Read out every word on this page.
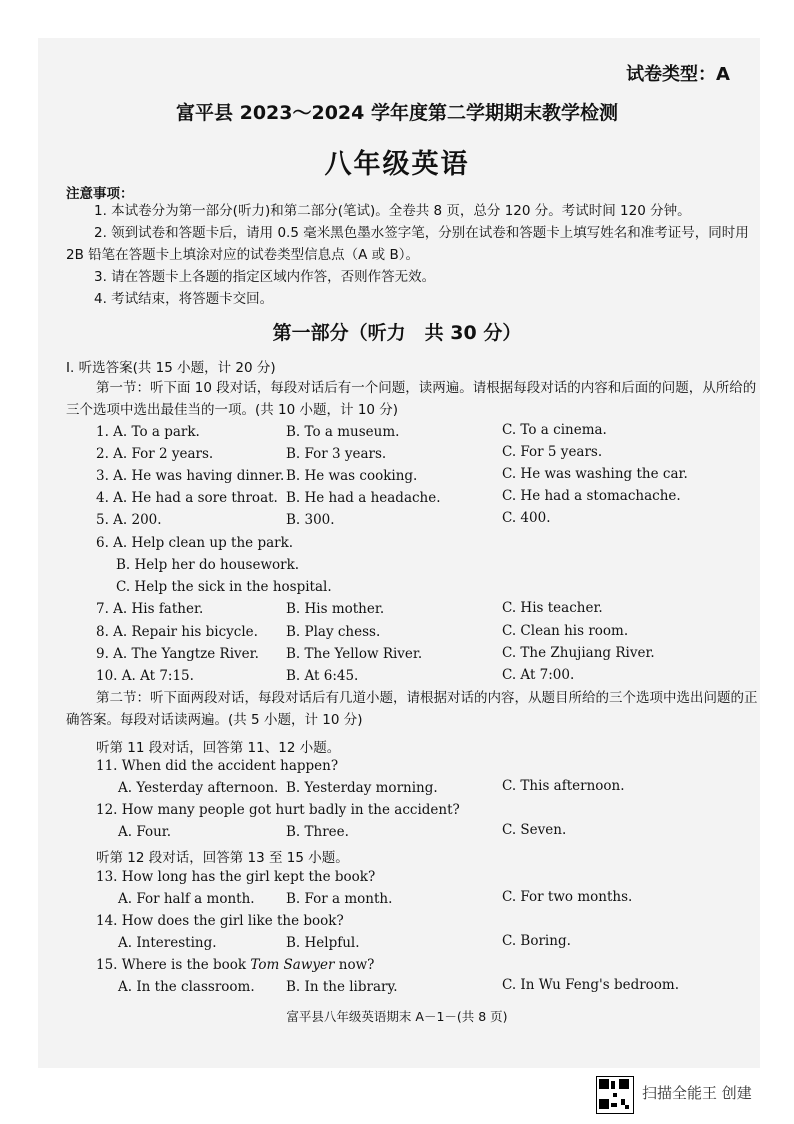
试卷类型：A
富平县 2023～2024 学年度第二学期期末教学检测
八年级英语
注意事项：
1. 本试卷分为第一部分(听力)和第二部分(笔试)。全卷共 8 页，总分 120 分。考试时间 120 分钟。
2. 领到试卷和答题卡后，请用 0.5 毫米黑色墨水签字笔，分别在试卷和答题卡上填写姓名和准考证号，同时用 2B 铅笔在答题卡上填涂对应的试卷类型信息点（A 或 B）。
3. 请在答题卡上各题的指定区域内作答，否则作答无效。
4. 考试结束，将答题卡交回。
第一部分（听力　共 30 分）
Ⅰ. 听选答案(共 15 小题，计 20 分)
第一节：听下面 10 段对话，每段对话后有一个问题，读两遍。请根据每段对话的内容和后面的问题，从所给的三个选项中选出最佳当的一项。(共 10 小题，计 10 分)
1. A. To a park.	B. To a museum.	C. To a cinema.
2. A. For 2 years.	B. For 3 years.	C. For 5 years.
3. A. He was having dinner. B. He was cooking.	C. He was washing the car.
4. A. He had a sore throat. B. He had a headache.	C. He had a stomachache.
5. A. 200.	B. 300.	C. 400.
6. A. Help clean up the park.
B. Help her do housework.
C. Help the sick in the hospital.
7. A. His father.	B. His mother.	C. His teacher.
8. A. Repair his bicycle. B. Play chess.	C. Clean his room.
9. A. The Yangtze River. B. The Yellow River.	C. The Zhujiang River.
10. A. At 7:15.	B. At 6:45.	C. At 7:00.
第二节：听下面两段对话，每段对话后有几道小题，请根据对话的内容，从题目所给的三个选项中选出问题的正确答案。每段对话读两遍。(共 5 小题，计 10 分)
听第 11 段对话，回答第 11、12 小题。
11. When did the accident happen?
A. Yesterday afternoon. B. Yesterday morning.	C. This afternoon.
12. How many people got hurt badly in the accident?
A. Four.	B. Three.	C. Seven.
听第 12 段对话，回答第 13 至 15 小题。
13. How long has the girl kept the book?
A. For half a month. B. For a month.	C. For two months.
14. How does the girl like the book?
A. Interesting.	B. Helpful.	C. Boring.
15. Where is the book Tom Sawyer now?
A. In the classroom. B. In the library.	C. In Wu Feng's bedroom.
富平县八年级英语期末 A－1－(共 8 页)
扫描全能王 创建
